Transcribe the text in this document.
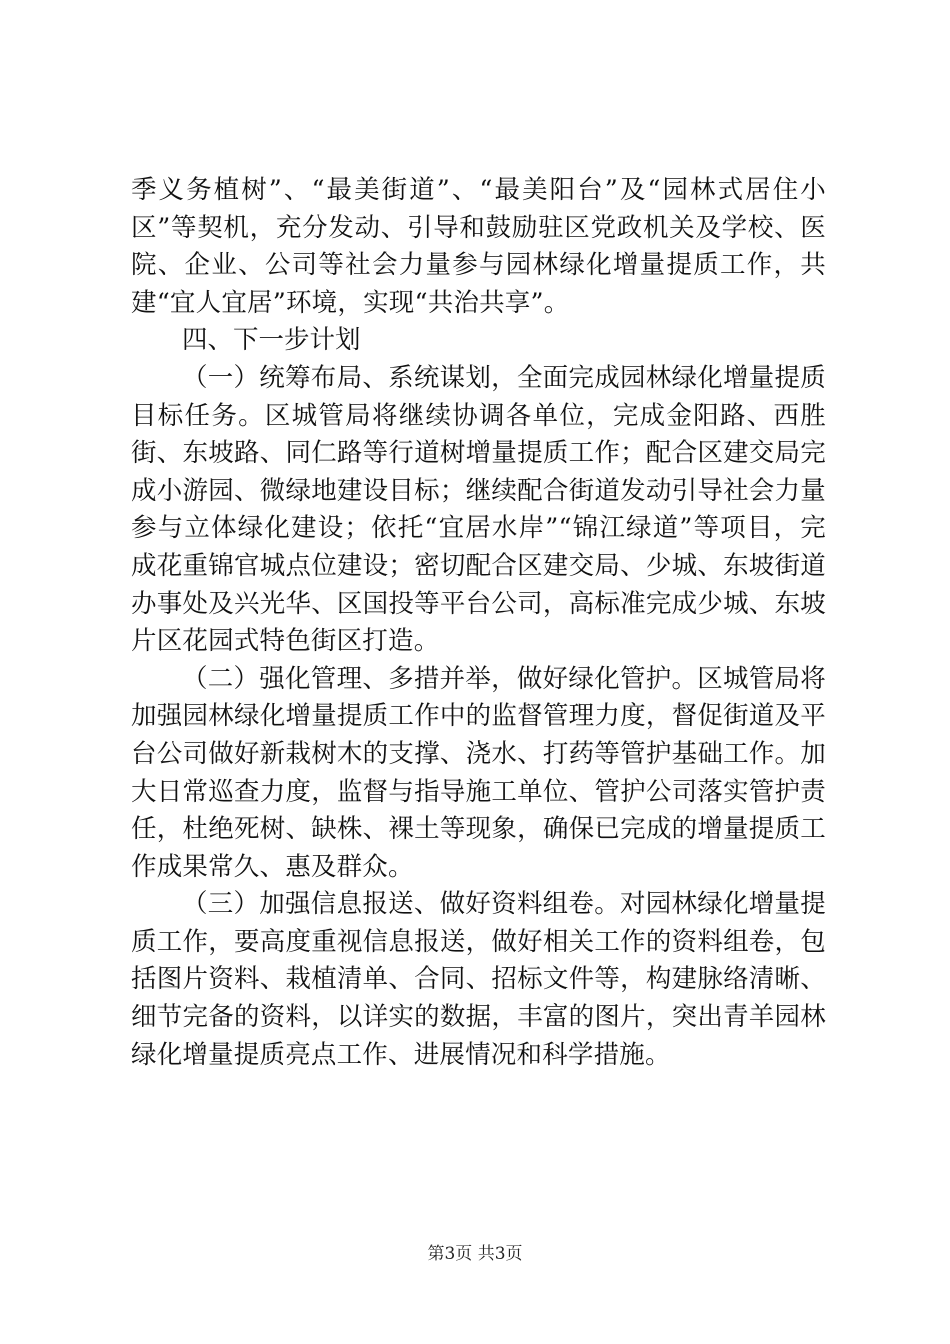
季义务植树”、“最美街道”、“最美阳台”及“园林式居住小区”等契机，充分发动、引导和鼓励驻区党政机关及学校、医院、企业、公司等社会力量参与园林绿化增量提质工作，共建“宜人宜居”环境，实现“共治共享”。

四、下一步计划

（一）统筹布局、系统谋划，全面完成园林绿化增量提质目标任务。区城管局将继续协调各单位，完成金阳路、西胜街、东坡路、同仁路等行道树增量提质工作；配合区建交局完成小游园、微绿地建设目标；继续配合街道发动引导社会力量参与立体绿化建设；依托“宜居水岸”“锦江绿道”等项目，完成花重锦官城点位建设；密切配合区建交局、少城、东坡街道办事处及兴光华、区国投等平台公司，高标准完成少城、东坡片区花园式特色街区打造。

（二）强化管理、多措并举，做好绿化管护。区城管局将加强园林绿化增量提质工作中的监督管理力度，督促街道及平台公司做好新栽树木的支撑、浇水、打药等管护基础工作。加大日常巡查力度，监督与指导施工单位、管护公司落实管护责任，杜绝死树、缺株、裸土等现象，确保已完成的增量提质工作成果常久、惠及群众。

（三）加强信息报送、做好资料组卷。对园林绿化增量提质工作，要高度重视信息报送，做好相关工作的资料组卷，包括图片资料、栽植清单、合同、招标文件等，构建脉络清晰、细节完备的资料，以详实的数据，丰富的图片，突出青羊园林绿化增量提质亮点工作、进展情况和科学措施。

第3页 共3页
